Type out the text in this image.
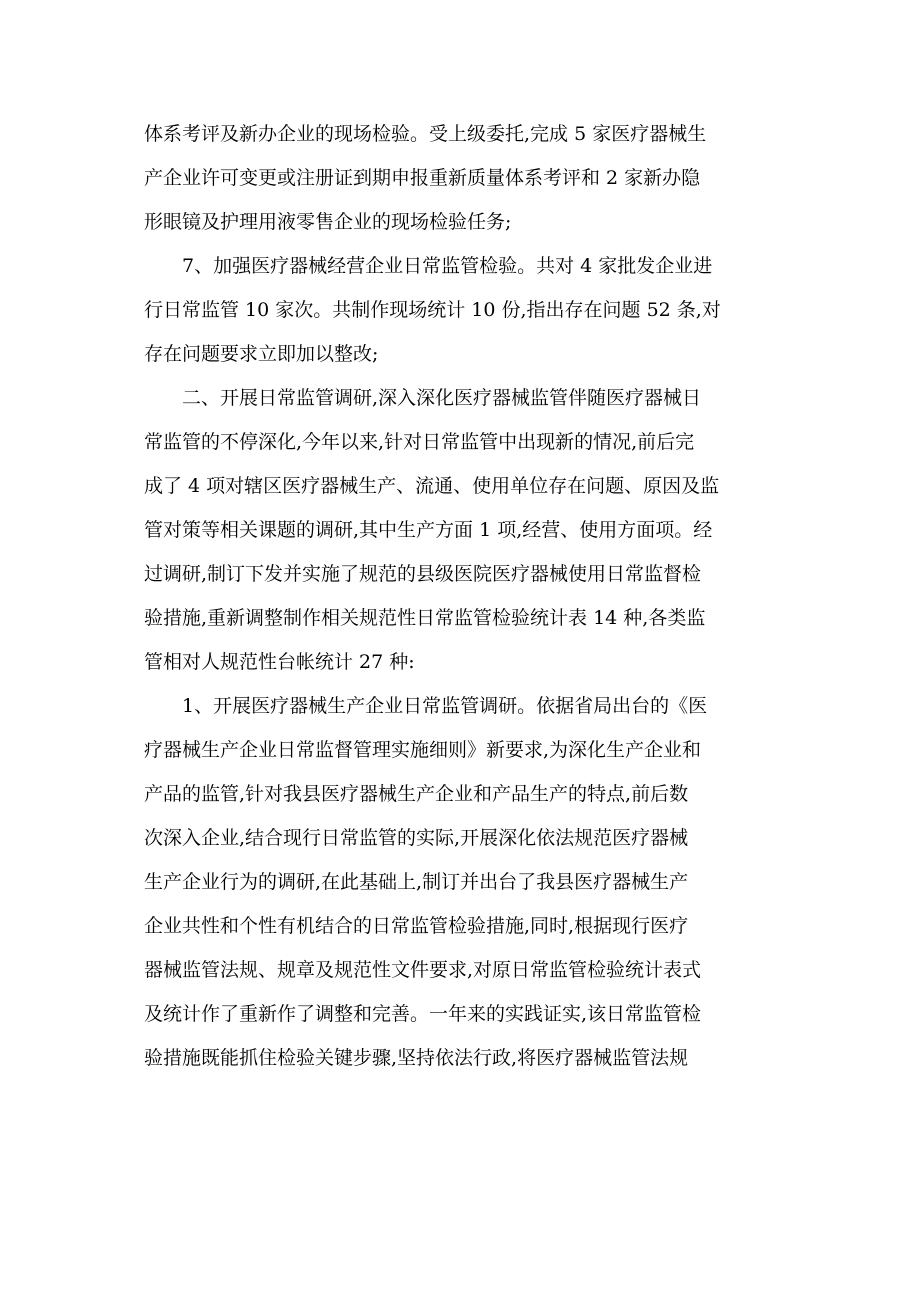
体系考评及新办企业的现场检验。受上级委托,完成 5 家医疗器械生
产企业许可变更或注册证到期申报重新质量体系考评和 2 家新办隐
形眼镜及护理用液零售企业的现场检验任务;
7、加强医疗器械经营企业日常监管检验。共对 4 家批发企业进
行日常监管 10 家次。共制作现场统计 10 份,指出存在问题 52 条,对
存在问题要求立即加以整改;
二、开展日常监管调研,深入深化医疗器械监管伴随医疗器械日
常监管的不停深化,今年以来,针对日常监管中出现新的情况,前后完
成了 4 项对辖区医疗器械生产、流通、使用单位存在问题、原因及监
管对策等相关课题的调研,其中生产方面 1 项,经营、使用方面项。经
过调研,制订下发并实施了规范的县级医院医疗器械使用日常监督检
验措施,重新调整制作相关规范性日常监管检验统计表 14 种,各类监
管相对人规范性台帐统计 27 种:
1、开展医疗器械生产企业日常监管调研。依据省局出台的《医
疗器械生产企业日常监督管理实施细则》新要求,为深化生产企业和
产品的监管,针对我县医疗器械生产企业和产品生产的特点,前后数
次深入企业,结合现行日常监管的实际,开展深化依法规范医疗器械
生产企业行为的调研,在此基础上,制订并出台了我县医疗器械生产
企业共性和个性有机结合的日常监管检验措施,同时,根据现行医疗
器械监管法规、规章及规范性文件要求,对原日常监管检验统计表式
及统计作了重新作了调整和完善。一年来的实践证实,该日常监管检
验措施既能抓住检验关键步骤,坚持依法行政,将医疗器械监管法规
